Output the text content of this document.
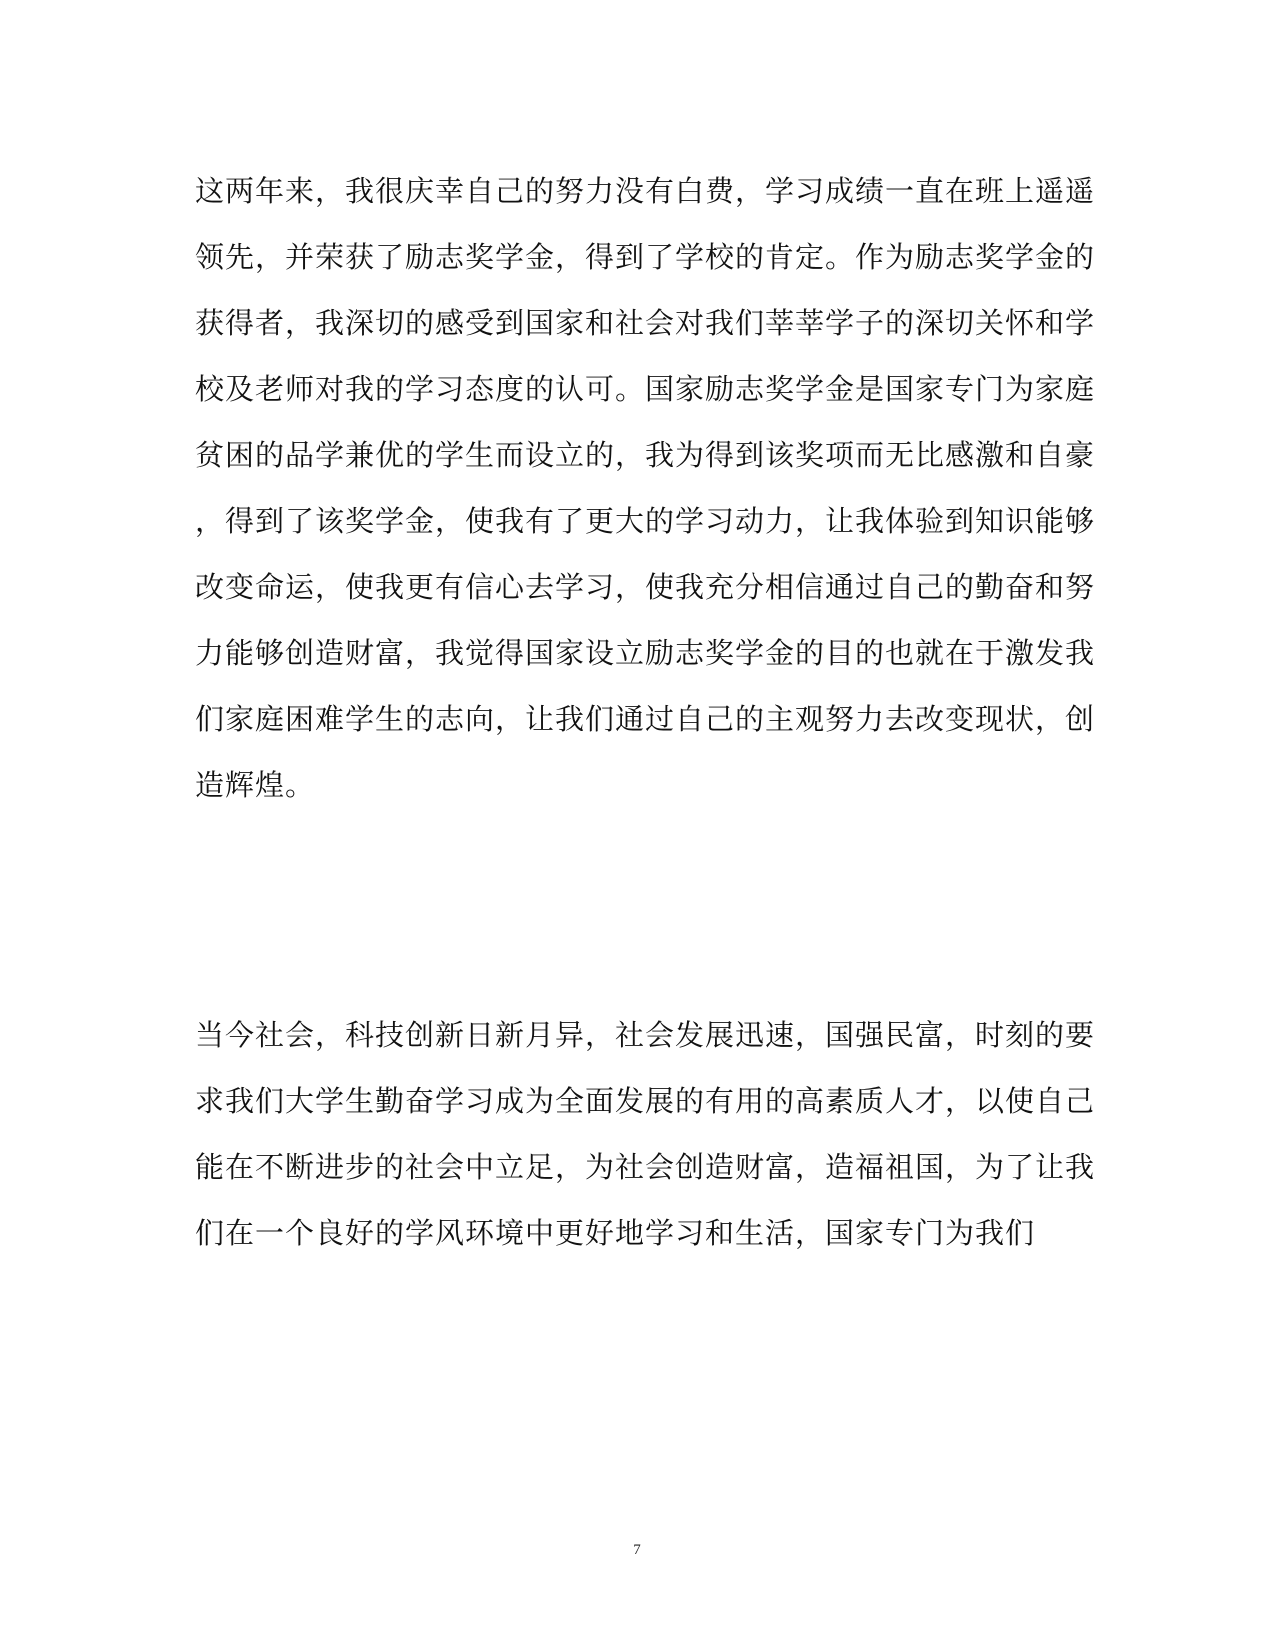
这两年来，我很庆幸自己的努力没有白费，学习成绩一直在班上遥遥
领先，并荣获了励志奖学金，得到了学校的肯定。作为励志奖学金的
获得者，我深切的感受到国家和社会对我们莘莘学子的深切关怀和学
校及老师对我的学习态度的认可。国家励志奖学金是国家专门为家庭
贫困的品学兼优的学生而设立的，我为得到该奖项而无比感激和自豪
，得到了该奖学金，使我有了更大的学习动力，让我体验到知识能够
改变命运，使我更有信心去学习，使我充分相信通过自己的勤奋和努
力能够创造财富，我觉得国家设立励志奖学金的目的也就在于激发我
们家庭困难学生的志向，让我们通过自己的主观努力去改变现状，创
造辉煌。
当今社会，科技创新日新月异，社会发展迅速，国强民富，时刻的要
求我们大学生勤奋学习成为全面发展的有用的高素质人才，以使自己
能在不断进步的社会中立足，为社会创造财富，造福祖国，为了让我
们在一个良好的学风环境中更好地学习和生活，国家专门为我们
7
